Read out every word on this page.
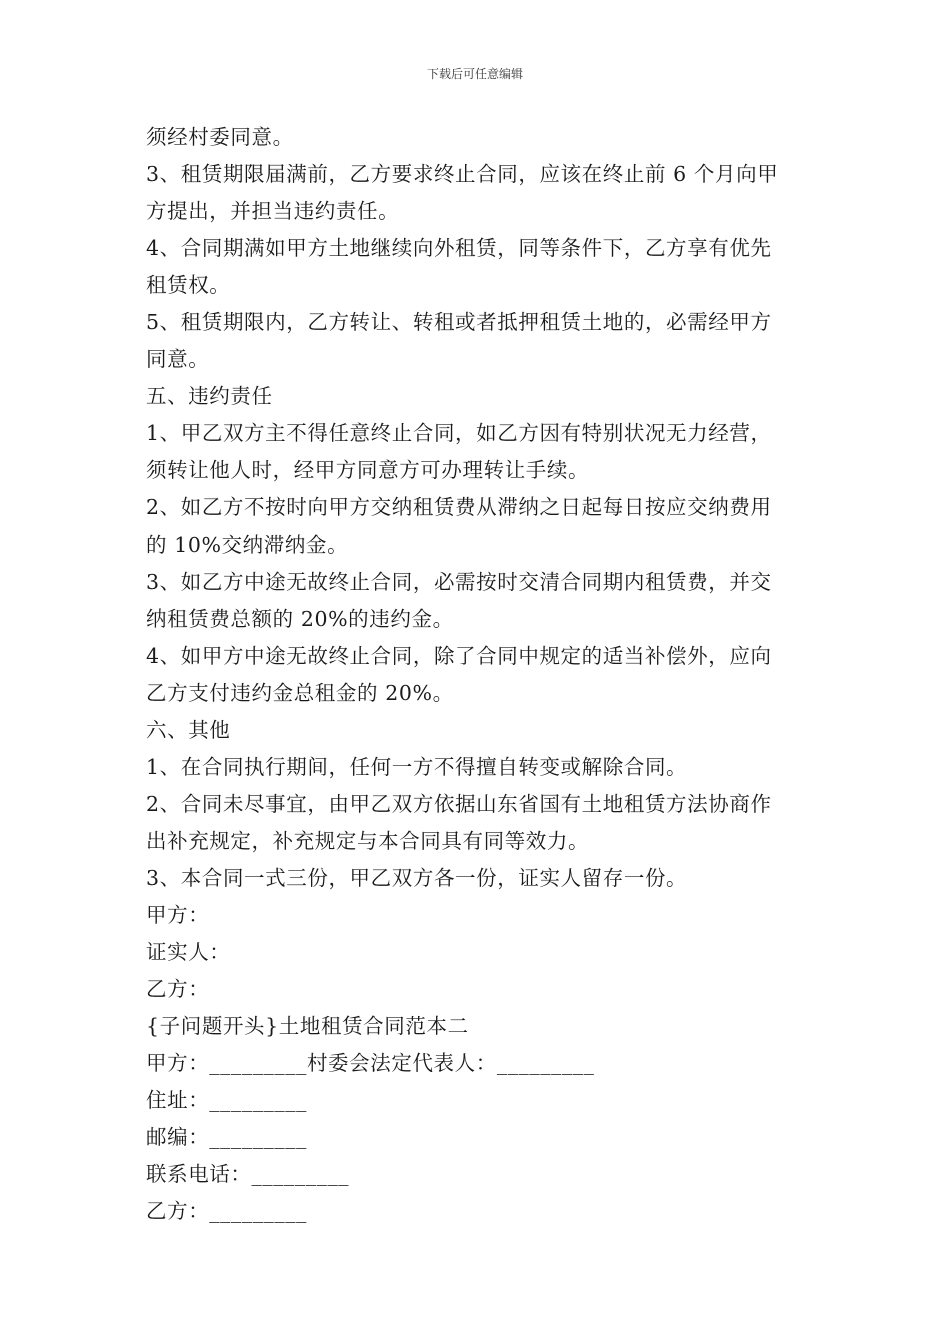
下载后可任意编辑
须经村委同意。
3、租赁期限届满前，乙方要求终止合同，应该在终止前 6 个月向甲
方提出，并担当违约责任。
4、合同期满如甲方土地继续向外租赁，同等条件下，乙方享有优先
租赁权。
5、租赁期限内，乙方转让、转租或者抵押租赁土地的，必需经甲方
同意。
五、违约责任
1、甲乙双方主不得任意终止合同，如乙方因有特别状况无力经营，
须转让他人时，经甲方同意方可办理转让手续。
2、如乙方不按时向甲方交纳租赁费从滞纳之日起每日按应交纳费用
的 10%交纳滞纳金。
3、如乙方中途无故终止合同，必需按时交清合同期内租赁费，并交
纳租赁费总额的 20%的违约金。
4、如甲方中途无故终止合同，除了合同中规定的适当补偿外，应向
乙方支付违约金总租金的 20%。
六、其他
1、在合同执行期间，任何一方不得擅自转变或解除合同。
2、合同未尽事宜，由甲乙双方依据山东省国有土地租赁方法协商作
出补充规定，补充规定与本合同具有同等效力。
3、本合同一式三份，甲乙双方各一份，证实人留存一份。
甲方：
证实人：
乙方：
{子问题开头}土地租赁合同范本二
甲方：_________村委会法定代表人：_________
住址：_________
邮编：_________
联系电话：_________
乙方：_________
